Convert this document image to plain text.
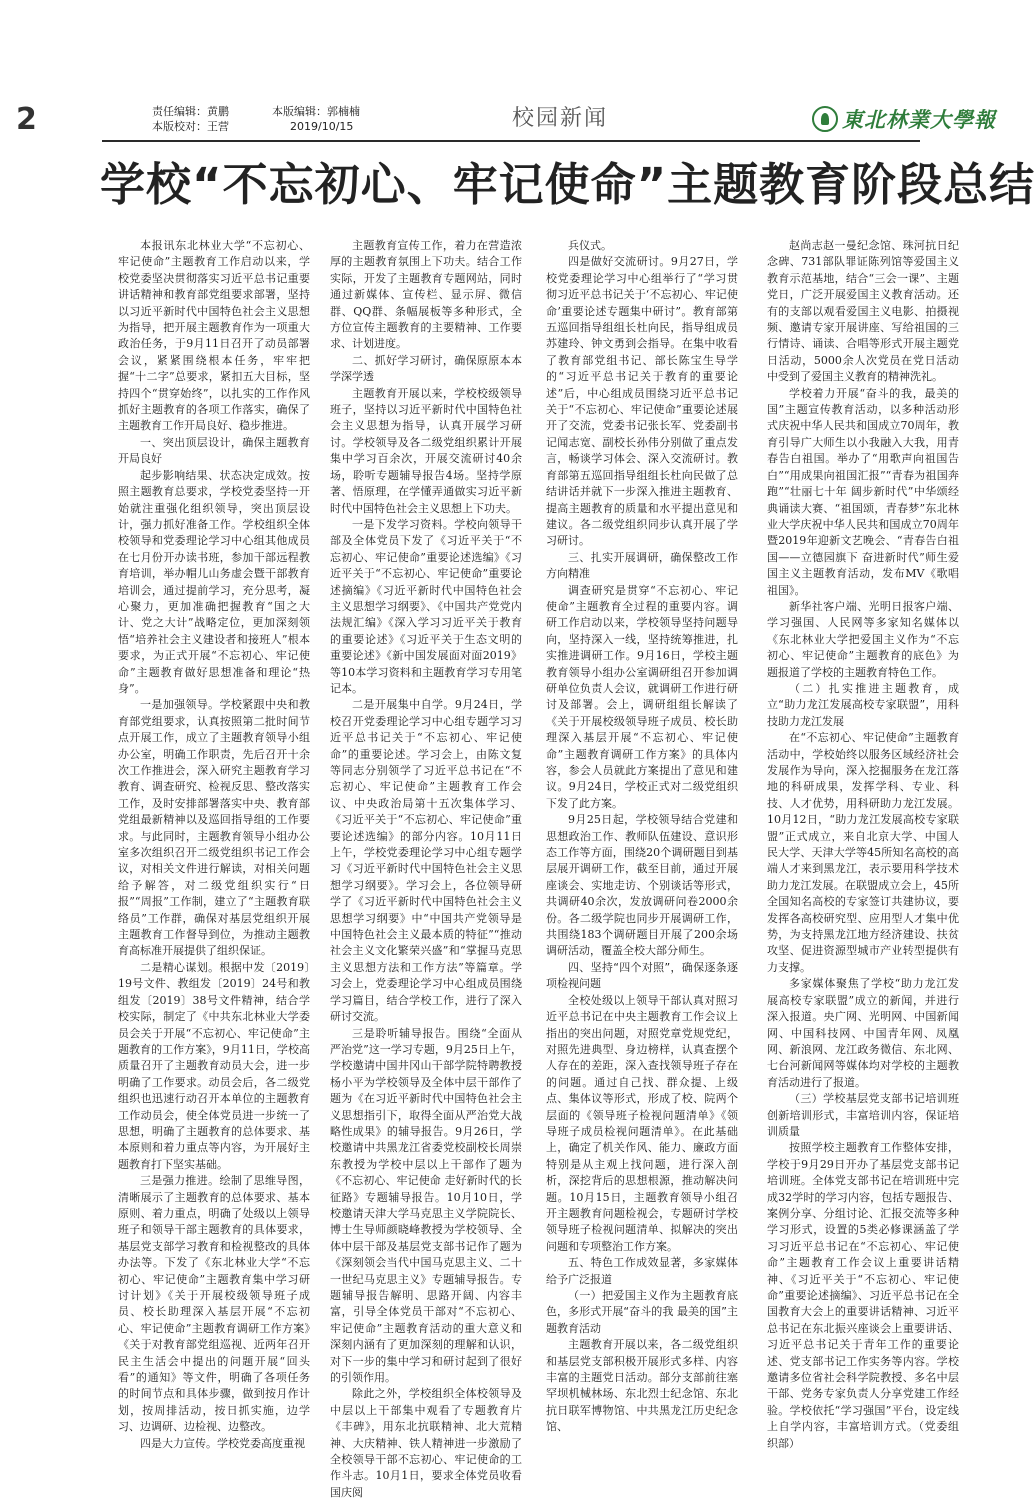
2	责任编辑：黄鹏
本版校对：王营
本版编辑：郭楠楠
2019/10/15	校园新闻	東北林業大學報
学校“不忘初心、牢记使命”主题教育阶段总结

本报讯东北林业大学“不忘初心、牢记使命”主题教育工作启动以来，学校党委坚决贯彻落实习近平总书记重要讲话精神和教育部党组要求部署，坚持以习近平新时代中国特色社会主义思想为指导，把开展主题教育作为一项重大政治任务，于9月11日召开了动员部署会议，紧紧围绕根本任务，牢牢把握“十二字”总要求，紧扣五大目标，坚持四个“贯穿始终”，以扎实的工作作风抓好主题教育的各项工作落实，确保了主题教育工作开局良好、稳步推进。

一、突出顶层设计，确保主题教育开局良好

起步影响结果、状态决定成效。按照主题教育总要求，学校党委坚持一开始就注重强化组织领导，突出顶层设计，强力抓好准备工作。学校组织全体校领导和党委理论学习中心组其他成员在七月份开办读书班，参加干部远程教育培训，举办帽儿山务虚会暨干部教育培训会，通过提前学习，充分思考，凝心聚力，更加准确把握教育“国之大计、党之大计”战略定位，更加深刻领悟“培养社会主义建设者和接班人”根本要求，为正式开展“不忘初心、牢记使命”主题教育做好思想准备和理论“热身”。

一是加强领导。学校紧跟中央和教育部党组要求，认真按照第二批时间节点开展工作，成立了主题教育领导小组办公室，明确工作职责，先后召开十余次工作推进会，深入研究主题教育学习教育、调查研究、检视反思、整改落实工作，及时安排部署落实中央、教育部党组最新精神以及巡回指导组的工作要求。与此同时，主题教育领导小组办公室多次组织召开二级党组织书记工作会议，对相关文件进行解读，对相关问题给予解答，对二级党组织实行“日报”“周报”工作制，建立了“主题教育联络员”工作群，确保对基层党组织开展主题教育工作督导到位，为推动主题教育高标准开展提供了组织保证。

二是精心谋划。根据中发〔2019〕19号文件、教组发〔2019〕24号和教组发〔2019〕38号文件精神，结合学校实际，制定了《中共东北林业大学委员会关于开展“不忘初心、牢记使命”主题教育的工作方案》，9月11日，学校高质量召开了主题教育动员大会，进一步明确了工作要求。动员会后，各二级党组织也迅速行动召开本单位的主题教育工作动员会，使全体党员进一步统一了思想，明确了主题教育的总体要求、基本原则和着力重点等内容，为开展好主题教育打下坚实基础。

三是强力推进。绘制了思维导图，清晰展示了主题教育的总体要求、基本原则、着力重点，明确了处级以上领导班子和领导干部主题教育的具体要求，基层党支部学习教育和检视整改的具体办法等。下发了《东北林业大学“不忘初心、牢记使命”主题教育集中学习研讨计划》《关于开展校级领导班子成员、校长助理深入基层开展“不忘初心、牢记使命”主题教育调研工作方案》《关于对教育部党组巡视、近两年召开民主生活会中提出的问题开展“回头看”的通知》等文件，明确了各项任务的时间节点和具体步骤，做到按月作计划，按周排活动，按日抓实施，边学习、边调研、边检视、边整改。

四是大力宣传。学校党委高度重视

主题教育宣传工作，着力在营造浓厚的主题教育氛围上下功夫。结合工作实际，开发了主题教育专题网站，同时通过新媒体、宣传栏、显示屏、微信群、QQ群、条幅展板等多种形式，全方位宣传主题教育的主要精神、工作要求、计划进度。

二、抓好学习研讨，确保原原本本学深学透

主题教育开展以来，学校校级领导班子，坚持以习近平新时代中国特色社会主义思想为指导，认真开展学习研讨。学校领导及各二级党组织累计开展集中学习百余次，开展交流研讨40余场，聆听专题辅导报告4场。坚持学原著、悟原理，在学懂弄通做实习近平新时代中国特色社会主义思想上下功夫。

一是下发学习资料。学校向领导干部及全体党员下发了《习近平关于“不忘初心、牢记使命”重要论述选编》《习近平关于“不忘初心、牢记使命”重要论述摘编》《习近平新时代中国特色社会主义思想学习纲要》、《中国共产党党内法规汇编》《深入学习习近平关于教育的重要论述》《习近平关于生态文明的重要论述》《新中国发展面对面2019》等10本学习资料和主题教育学习专用笔记本。

二是开展集中自学。9月24日，学校召开党委理论学习中心组专题学习习近平总书记关于“不忘初心、牢记使命”的重要论述。学习会上，由陈文复等同志分别领学了习近平总书记在“不忘初心、牢记使命”主题教育工作会议、中央政治局第十五次集体学习、《习近平关于“不忘初心、牢记使命”重要论述选编》的部分内容。10月11日上午，学校党委理论学习中心组专题学习《习近平新时代中国特色社会主义思想学习纲要》。学习会上，各位领导研学了《习近平新时代中国特色社会主义思想学习纲要》中“中国共产党领导是中国特色社会主义最本质的特征”“推动社会主义文化繁荣兴盛”和“掌握马克思主义思想方法和工作方法”等篇章。学习会上，党委理论学习中心组成员围绕学习篇目，结合学校工作，进行了深入研讨交流。

三是聆听辅导报告。围绕“全面从严治党”这一学习专题，9月25日上午，学校邀请中国井冈山干部学院特聘教授杨小平为学校领导及全体中层干部作了题为《在习近平新时代中国特色社会主义思想指引下，取得全面从严治党大战略性成果》的辅导报告。9月26日，学校邀请中共黑龙江省委党校副校长周崇东教授为学校中层以上干部作了题为《不忘初心、牢记使命 走好新时代的长征路》专题辅导报告。10月10日，学校邀请天津大学马克思主义学院院长、博士生导师颜晓峰教授为学校领导、全体中层干部及基层党支部书记作了题为《深刻领会当代中国马克思主义、二十一世纪马克思主义》专题辅导报告。专题辅导报告解明、思路开阔、内容丰富，引导全体党员干部对“不忘初心、牢记使命”主题教育活动的重大意义和深刻内涵有了更加深刻的理解和认识，对下一步的集中学习和研讨起到了很好的引领作用。

除此之外，学校组织全体校领导及中层以上干部集中观看了专题教育片《丰碑》，用东北抗联精神、北大荒精神、大庆精神、铁人精神进一步激励了全校领导干部不忘初心、牢记使命的工作斗志。10月1日，要求全体党员收看国庆阅

兵仪式。

四是做好交流研讨。9月27日，学校党委理论学习中心组举行了“学习贯彻习近平总书记关于‘不忘初心、牢记使命’重要论述专题集中研讨”。教育部第五巡回指导组组长杜向民，指导组成员苏建玲、钟文勇到会指导。在集中收看了教育部党组书记、部长陈宝生导学的“习近平总书记关于教育的重要论述”后，中心组成员围绕习近平总书记关于“不忘初心、牢记使命”重要论述展开了交流，党委书记张长军、党委副书记闻志宽、副校长孙伟分别做了重点发言，畅谈学习体会、深入交流研讨。教育部第五巡回指导组组长杜向民做了总结讲话并就下一步深入推进主题教育、提高主题教育的质量和水平提出意见和建议。各二级党组织同步认真开展了学习研讨。

三、扎实开展调研，确保整改工作方向精准

调查研究是贯穿“不忘初心、牢记使命”主题教育全过程的重要内容。调研工作启动以来，学校领导坚持问题导向，坚持深入一线，坚持统筹推进，扎实推进调研工作。9月16日，学校主题教育领导小组办公室调研组召开参加调研单位负责人会议，就调研工作进行研讨及部署。会上，调研组组长解读了《关于开展校级领导班子成员、校长助理深入基层开展“不忘初心、牢记使命”主题教育调研工作方案》的具体内容，参会人员就此方案提出了意见和建议。9月24日，学校正式对二级党组织下发了此方案。

9月25日起，学校领导结合党建和思想政治工作、教师队伍建设、意识形态工作等方面，围绕20个调研题目到基层展开调研工作，截至目前，通过开展座谈会、实地走访、个别谈话等形式，共调研40余次，发放调研问卷2000余份。各二级学院也同步开展调研工作，共围绕183个调研题目开展了200余场调研活动，覆盖全校大部分师生。

四、坚持“四个对照”，确保逐条逐项检视问题

全校处级以上领导干部认真对照习近平总书记在中央主题教育工作会议上指出的突出问题，对照党章党规党纪，对照先进典型、身边榜样，认真查摆个人存在的差距，深入查找领导班子存在的问题。通过自己找、群众提、上级点、集体议等形式，形成了校、院两个层面的《领导班子检视问题清单》《领导班子成员检视问题清单》。在此基础上，确定了机关作风、能力、廉政方面特别是从主观上找问题，进行深入剖析，深挖背后的思想根源，推动解决问题。10月15日，主题教育领导小组召开主题教育问题检视会，专题研讨学校领导班子检视问题清单、拟解决的突出问题和专项整治工作方案。

五、特色工作成效显著，多家媒体给予广泛报道

（一）把爱国主义作为主题教育底色，多形式开展“奋斗的我 最美的国”主题教育活动

主题教育开展以来，各二级党组织和基层党支部积极开展形式多样、内容丰富的主题党日活动。部分支部前往塞罕坝机械林场、东北烈士纪念馆、东北抗日联军博物馆、中共黑龙江历史纪念馆、

赵尚志赵一曼纪念馆、珠河抗日纪念碑、731部队罪证陈列馆等爱国主义教育示范基地，结合“三会一课”、主题党日，广泛开展爱国主义教育活动。还有的支部以观看爱国主义电影、拍摄视频、邀请专家开展讲座、写给祖国的三行情诗、诵读、合唱等形式开展主题党日活动，5000余人次党员在党日活动中受到了爱国主义教育的精神洗礼。

学校着力开展“奋斗的我，最美的国”主题宣传教育活动，以多种活动形式庆祝中华人民共和国成立70周年，教育引导广大师生以小我融入大我，用青春告白祖国。举办了“用歌声向祖国告白”“用成果向祖国汇报”“青春为祖国奔跑”“壮丽七十年 阔步新时代”中华颂经典诵读大赛、“祖国颂，青春梦”东北林业大学庆祝中华人民共和国成立70周年暨2019年迎新文艺晚会、“青春告白祖国——立德园旗下 奋进新时代”师生爱国主义主题教育活动，发布MV《歌唱祖国》。

新华社客户端、光明日报客户端、学习强国、人民网等多家知名媒体以《东北林业大学把爱国主义作为“不忘初心、牢记使命”主题教育的底色》为题报道了学校的主题教育特色工作。

（二）扎实推进主题教育，成立“助力龙江发展高校专家联盟”，用科技助力龙江发展

在“不忘初心、牢记使命”主题教育活动中，学校始终以服务区域经济社会发展作为导向，深入挖掘服务在龙江落地的科研成果，发挥学科、专业、科技、人才优势，用科研助力龙江发展。10月12日，“助力龙江发展高校专家联盟”正式成立，来自北京大学、中国人民大学、天津大学等45所知名高校的高端人才来到黑龙江，表示要用科学技术助力龙江发展。在联盟成立会上，45所全国知名高校的专家签订共建协议，要发挥各高校研究型、应用型人才集中优势，为支持黑龙江地方经济建设、扶贫攻坚、促进资源型城市产业转型提供有力支撑。

多家媒体聚焦了学校“助力龙江发展高校专家联盟”成立的新闻，并进行深入报道。央广网、光明网、中国新闻网、中国科技网、中国青年网、凤凰网、新浪网、龙江政务微信、东北网、七台河新闻网等媒体均对学校的主题教育活动进行了报道。

（三）学校基层党支部书记培训班创新培训形式，丰富培训内容，保证培训质量

按照学校主题教育工作整体安排，学校于9月29日开办了基层党支部书记培训班。全体党支部书记在培训班中完成32学时的学习内容，包括专题报告、案例分享、分组讨论、汇报交流等多种学习形式，设置的5类必修课涵盖了学习习近平总书记在“不忘初心、牢记使命”主题教育工作会议上重要讲话精神、《习近平关于“不忘初心、牢记使命”重要论述摘编》、习近平总书记在全国教育大会上的重要讲话精神、习近平总书记在东北振兴座谈会上重要讲话、习近平总书记关于青年工作的重要论述、党支部书记工作实务等内容。学校邀请多位省社会科学院教授、多名中层干部、党务专家负责人分享党建工作经验。学校依托“学习强国”平台，设定线上自学内容，丰富培训方式。（党委组织部）
